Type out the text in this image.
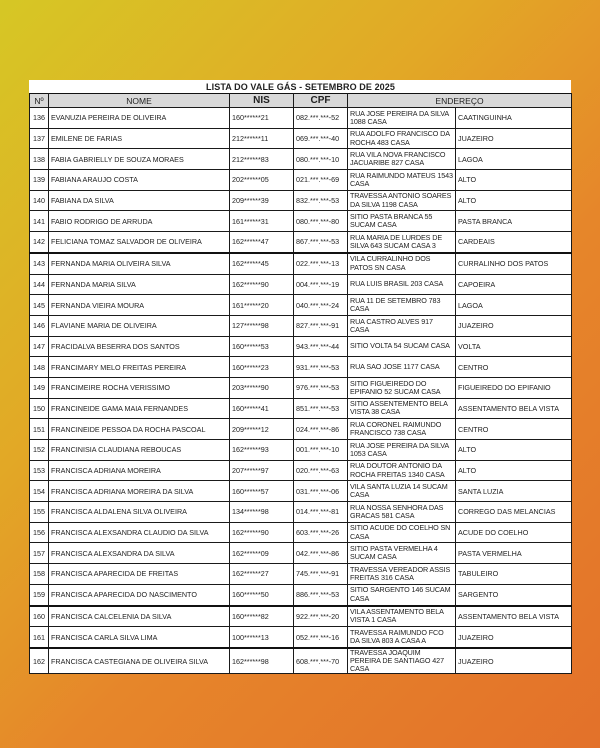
LISTA DO VALE GÁS - SETEMBRO DE 2025					
Nº	NOME	NIS	CPF	ENDEREÇO	
136	EVANUZIA PEREIRA DE OLIVEIRA	160******21	082.***.***-52	RUA JOSE PEREIRA DA SILVA 1088 CASA	CAATINGUINHA
137	EMILENE DE FARIAS	212******11	069.***.***-40	RUA ADOLFO FRANCISCO DA ROCHA 483 CASA	JUAZEIRO
138	FABIA GABRIELLY DE SOUZA MORAES	212******83	080.***.***-10	RUA VILA NOVA FRANCISCO JACUARIBE 827 CASA	LAGOA
139	FABIANA ARAUJO COSTA	202******05	021.***.***-69	RUA RAIMUNDO MATEUS 1543 CASA	ALTO
140	FABIANA DA SILVA	209******39	832.***.***-53	TRAVESSA ANTONIO SOARES DA SILVA 1198 CASA	ALTO
141	FABIO RODRIGO DE ARRUDA	161******31	080.***.***-80	SITIO PASTA BRANCA 55 SUCAM CASA	PASTA BRANCA
142	FELICIANA TOMAZ SALVADOR DE OLIVEIRA	162******47	867.***.***-53	RUA MARIA DE LURDES DE SILVA 643 SUCAM CASA 3	CARDEAIS
143	FERNANDA MARIA OLIVEIRA SILVA	162******45	022.***.***-13	VILA CURRALINHO DOS PATOS SN CASA	CURRALINHO DOS PATOS
144	FERNANDA MARIA SILVA	162******90	004.***.***-19	RUA LUIS BRASIL 203 CASA	CAPOEIRA
145	FERNANDA VIEIRA MOURA	161******20	040.***.***-24	RUA 11 DE SETEMBRO 783 CASA	LAGOA
146	FLAVIANE MARIA DE OLIVEIRA	127******98	827.***.***-91	RUA CASTRO ALVES 917 CASA	JUAZEIRO
147	FRACIDALVA BESERRA DOS SANTOS	160******53	943.***.***-44	SITIO VOLTA 54 SUCAM CASA	VOLTA
148	FRANCIMARY MELO FREITAS PEREIRA	160******23	931.***.***-53	RUA SAO JOSE 1177 CASA	CENTRO
149	FRANCIMEIRE ROCHA VERISSIMO	203******90	976.***.***-53	SITIO FIGUEIREDO DO EPIFANIO 52 SUCAM CASA	FIGUEIREDO DO EPIFANIO
150	FRANCINEIDE GAMA MAIA FERNANDES	160******41	851.***.***-53	SITIO ASSENTEMENTO BELA VISTA 38 CASA	ASSENTAMENTO BELA VISTA
151	FRANCINEIDE PESSOA DA ROCHA PASCOAL	209******12	024.***.***-86	RUA CORONEL RAIMUNDO FRANCISCO 738 CASA	CENTRO
152	FRANCINISIA CLAUDIANA REBOUCAS	162******93	001.***.***-10	RUA JOSE PEREIRA DA SILVA 1053 CASA	ALTO
153	FRANCISCA ADRIANA MOREIRA	207******97	020.***.***-63	RUA DOUTOR ANTONIO DA ROCHA FREITAS 1340 CASA	ALTO
154	FRANCISCA ADRIANA MOREIRA DA SILVA	160******57	031.***.***-06	VILA SANTA LUZIA 14 SUCAM CASA	SANTA LUZIA
155	FRANCISCA ALDALENA SILVA OLIVEIRA	134******98	014.***.***-81	RUA NOSSA SENHORA DAS GRACAS 581 CASA	CORREGO DAS MELANCIAS
156	FRANCISCA ALEXSANDRA CLAUDIO DA SILVA	162******90	603.***.***-26	SITIO ACUDE DO COELHO SN CASA	ACUDE DO COELHO
157	FRANCISCA ALEXSANDRA DA SILVA	162******09	042.***.***-86	SITIO PASTA VERMELHA 4 SUCAM CASA	PASTA VERMELHA
158	FRANCISCA APARECIDA DE FREITAS	162******27	745.***.***-91	TRAVESSA VEREADOR ASSIS FREITAS 316 CASA	TABULEIRO
159	FRANCISCA APARECIDA DO NASCIMENTO	160******50	886.***.***-53	SITIO SARGENTO 146 SUCAM CASA	SARGENTO
160	FRANCISCA CALCELENIA DA SILVA	160******82	922.***.***-20	VILA ASSENTAMENTO BELA VISTA 1 CASA	ASSENTAMENTO BELA VISTA
161	FRANCISCA CARLA SILVA LIMA	100******13	052.***.***-16	TRAVESSA RAIMUNDO FCO DA SILVA 803 A CASA A	JUAZEIRO
162	FRANCISCA CASTEGIANA DE OLIVEIRA SILVA	162******98	608.***.***-70	TRAVESSA JOAQUIM PEREIRA DE SANTIAGO 427 CASA	JUAZEIRO
